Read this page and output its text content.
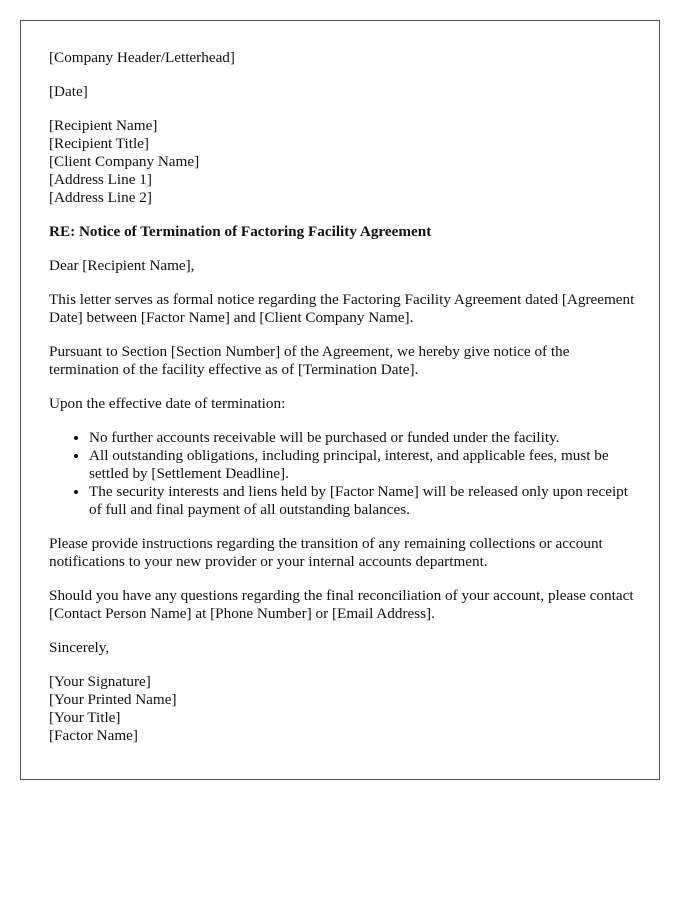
[Company Header/Letterhead]

[Date]

[Recipient Name]
[Recipient Title]
[Client Company Name]
[Address Line 1]
[Address Line 2]

RE: Notice of Termination of Factoring Facility Agreement

Dear [Recipient Name],

This letter serves as formal notice regarding the Factoring Facility Agreement dated [Agreement Date] between [Factor Name] and [Client Company Name].

Pursuant to Section [Section Number] of the Agreement, we hereby give notice of the termination of the facility effective as of [Termination Date].

Upon the effective date of termination:

• No further accounts receivable will be purchased or funded under the facility.
• All outstanding obligations, including principal, interest, and applicable fees, must be settled by [Settlement Deadline].
• The security interests and liens held by [Factor Name] will be released only upon receipt of full and final payment of all outstanding balances.

Please provide instructions regarding the transition of any remaining collections or account notifications to your new provider or your internal accounts department.

Should you have any questions regarding the final reconciliation of your account, please contact [Contact Person Name] at [Phone Number] or [Email Address].

Sincerely,

[Your Signature]
[Your Printed Name]
[Your Title]
[Factor Name]
